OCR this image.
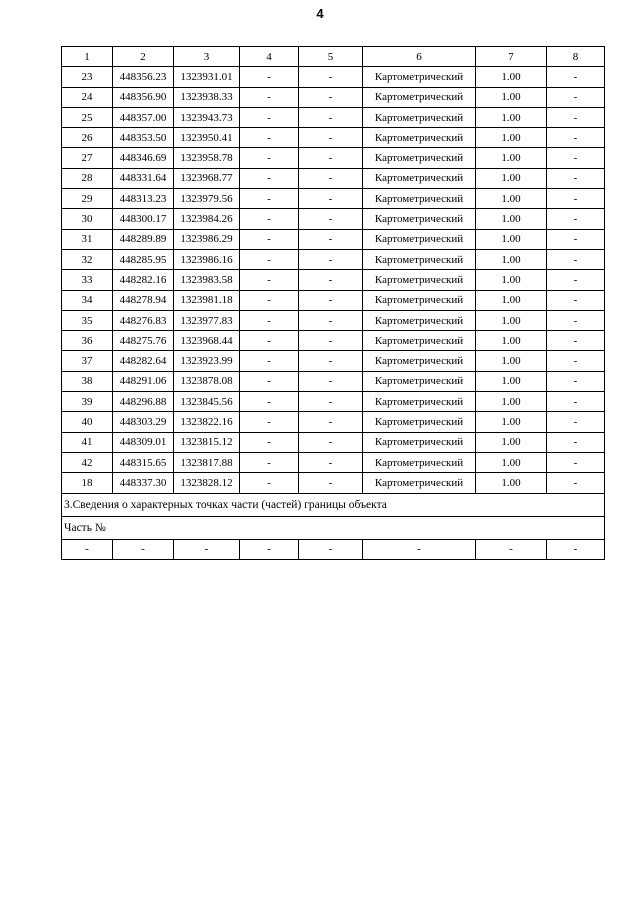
4
1	2	3	4	5	6	7	8
23	448356.23	1323931.01	-	-	Картометрический	1.00	-
24	448356.90	1323938.33	-	-	Картометрический	1.00	-
25	448357.00	1323943.73	-	-	Картометрический	1.00	-
26	448353.50	1323950.41	-	-	Картометрический	1.00	-
27	448346.69	1323958.78	-	-	Картометрический	1.00	-
28	448331.64	1323968.77	-	-	Картометрический	1.00	-
29	448313.23	1323979.56	-	-	Картометрический	1.00	-
30	448300.17	1323984.26	-	-	Картометрический	1.00	-
31	448289.89	1323986.29	-	-	Картометрический	1.00	-
32	448285.95	1323986.16	-	-	Картометрический	1.00	-
33	448282.16	1323983.58	-	-	Картометрический	1.00	-
34	448278.94	1323981.18	-	-	Картометрический	1.00	-
35	448276.83	1323977.83	-	-	Картометрический	1.00	-
36	448275.76	1323968.44	-	-	Картометрический	1.00	-
37	448282.64	1323923.99	-	-	Картометрический	1.00	-
38	448291.06	1323878.08	-	-	Картометрический	1.00	-
39	448296.88	1323845.56	-	-	Картометрический	1.00	-
40	448303.29	1323822.16	-	-	Картометрический	1.00	-
41	448309.01	1323815.12	-	-	Картометрический	1.00	-
42	448315.65	1323817.88	-	-	Картометрический	1.00	-
18	448337.30	1323828.12	-	-	Картометрический	1.00	-
3.Сведения о характерных точках части (частей) границы объекта							
Часть №							
-	-	-	-	-	-	-	-
